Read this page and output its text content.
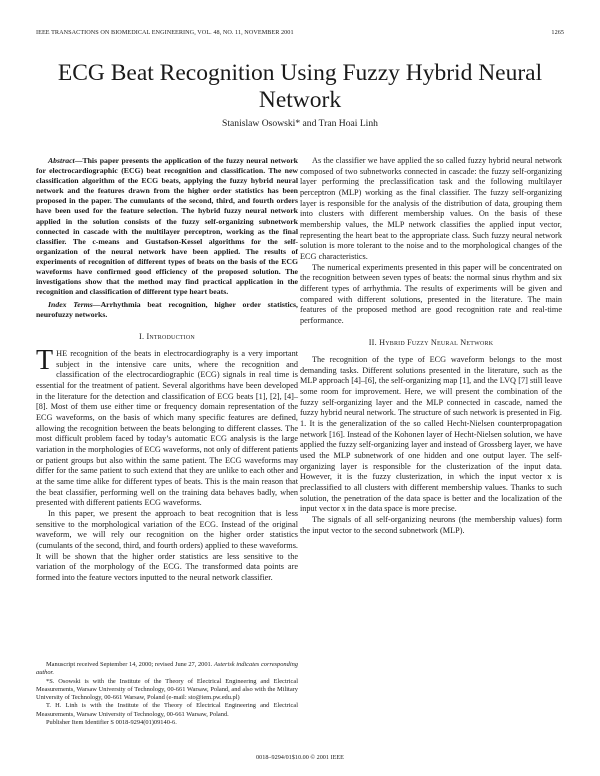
IEEE TRANSACTIONS ON BIOMEDICAL ENGINEERING, VOL. 48, NO. 11, NOVEMBER 2001	1265
ECG Beat Recognition Using Fuzzy Hybrid Neural Network
Stanislaw Osowski* and Tran Hoai Linh

Abstract—This paper presents the application of the fuzzy neural network for electrocardiographic (ECG) beat recognition and classification. The new classification algorithm of the ECG beats, applying the fuzzy hybrid neural network and the features drawn from the higher order statistics has been proposed in the paper. The cumulants of the second, third, and fourth orders have been used for the feature selection. The hybrid fuzzy neural network applied in the solution consists of the fuzzy self-organizing subnetwork connected in cascade with the multilayer perceptron, working as the final classifier. The c-means and Gustafson-Kessel algorithms for the self-organization of the neural network have been applied. The results of experiments of recognition of different types of beats on the basis of the ECG waveforms have confirmed good efficiency of the proposed solution. The investigations show that the method may find practical application in the recognition and classification of different type heart beats.

Index Terms—Arrhythmia beat recognition, higher order statistics, neurofuzzy networks.

I. Introduction

THE recognition of the beats in electrocardiography is a very important subject in the intensive care units, where the recognition and classification of the electrocardiographic (ECG) signals in real time is essential for the treatment of patient. Several algorithms have been developed in the literature for the detection and classification of ECG beats [1], [2], [4]–[8]. Most of them use either time or frequency domain representation of the ECG waveforms, on the basis of which many specific features are defined, allowing the recognition between the beats belonging to different classes. The most difficult problem faced by today’s automatic ECG analysis is the large variation in the morphologies of ECG waveforms, not only of different patients or patient groups but also within the same patient. The ECG waveforms may differ for the same patient to such extend that they are unlike to each other and at the same time alike for different types of beats. This is the main reason that the beat classifier, performing well on the training data behaves badly, when presented with different patients ECG waveforms.

In this paper, we present the approach to beat recognition that is less sensitive to the morphological variation of the ECG. Instead of the original waveform, we will rely our recognition on the higher order statistics (cumulants of the second, third, and fourth orders) applied to these waveforms. It will be shown that the higher order statistics are less sensitive to the variation of the morphology of the ECG. The transformed data points are formed into the feature vectors inputted to the neural network classifier.

As the classifier we have applied the so called fuzzy hybrid neural network composed of two subnetworks connected in cascade: the fuzzy self-organizing layer performing the preclassification task and the following multilayer perceptron (MLP) working as the final classifier. The fuzzy self-organizing layer is responsible for the analysis of the distribution of data, grouping them into clusters with different membership values. On the basis of these membership values, the MLP network classifies the applied input vector, representing the heart beat to the appropriate class. Such fuzzy neural network solution is more tolerant to the noise and to the morphological changes of the ECG characteristics.

The numerical experiments presented in this paper will be concentrated on the recognition between seven types of beats: the normal sinus rhythm and six different types of arrhythmia. The results of experiments will be given and compared with different solutions, presented in the literature. The main features of the proposed method are good recognition rate and real-time performance.

II. Hybrid Fuzzy Neural Network

The recognition of the type of ECG waveform belongs to the most demanding tasks. Different solutions presented in the literature, such as the MLP approach [4]–[6], the self-organizing map [1], and the LVQ [7] still leave some room for improvement. Here, we will present the combination of the fuzzy self-organizing layer and the MLP connected in cascade, named the fuzzy hybrid neural network. The structure of such network is presented in Fig. 1. It is the generalization of the so called Hecht-Nielsen counterpropagation network [16]. Instead of the Kohonen layer of Hecht-Nielsen solution, we have applied the fuzzy self-organizing layer and instead of Grossberg layer, we have used the MLP subnetwork of one hidden and one output layer. The self-organizing layer is responsible for the clusterization of the input data. However, it is the fuzzy clusterization, in which the input vector x is preclassified to all clusters with different membership values. Thanks to such solution, the penetration of the data space is better and the localization of the input vector x in the data space is more precise.

The signals of all self-organizing neurons (the membership values) form the input vector to the second subnetwork (MLP).

Manuscript received September 14, 2000; revised June 27, 2001. Asterisk indicates corresponding author.

*S. Osowski is with the Institute of the Theory of Electrical Engineering and Electrical Measurements, Warsaw University of Technology, 00-661 Warsaw, Poland, and also with the Military University of Technology, 00-661 Warsaw, Poland (e-mail: sto@iem.pw.edu.pl)

T. H. Linh is with the Institute of the Theory of Electrical Engineering and Electrical Measurements, Warsaw University of Technology, 00-661 Warsaw, Poland.

Publisher Item Identifier S 0018-9294(01)09140-6.

0018–9294/01$10.00 © 2001 IEEE
